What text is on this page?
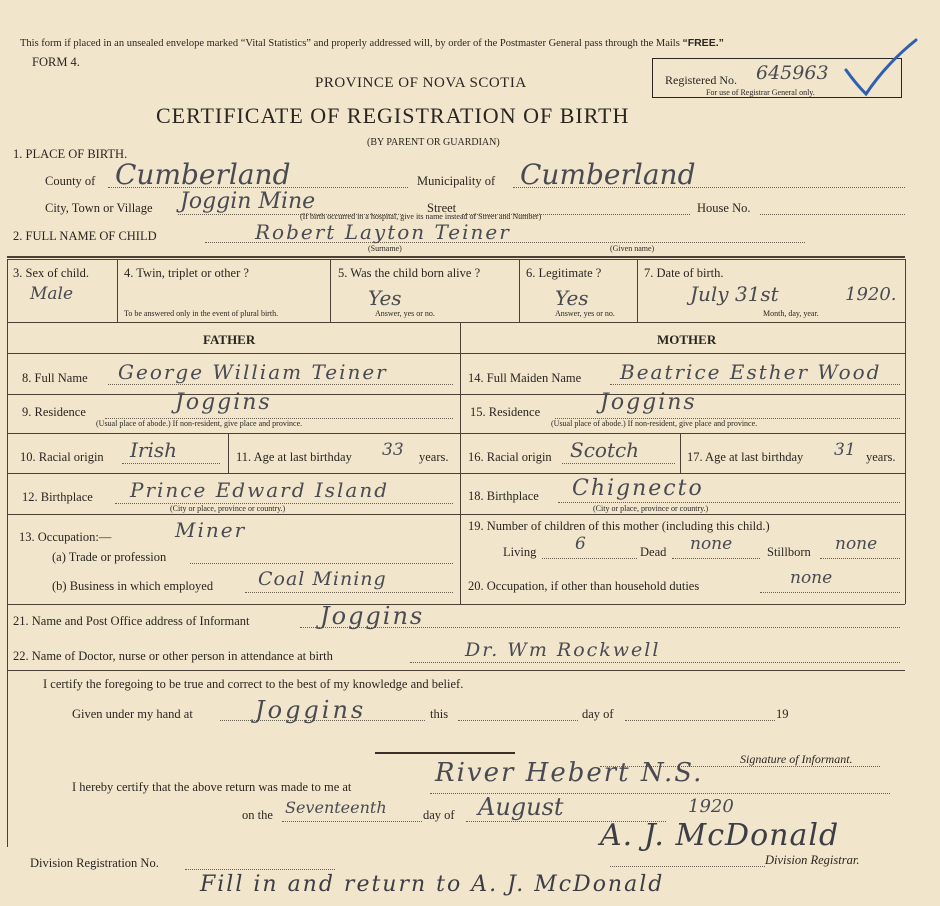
This form if placed in an unsealed envelope marked “Vital Statistics” and properly addressed will, by order of the Postmaster General pass through the Mails “FREE.”
FORM 4.
Registered No. 645963
For use of Registrar General only.
PROVINCE OF NOVA SCOTIA
CERTIFICATE OF REGISTRATION OF BIRTH
(BY PARENT OR GUARDIAN)
1. PLACE OF BIRTH.
County of Cumberland	Municipality of Cumberland
City, Town or Village Joggin Mine
(If birth occurred in a hospital, give its name instead of Street and Number)
Street	House No.
2. FULL NAME OF CHILD	Robert Layton Teiner
(Surname)	(Given name)
3. Sex of child.
Male
4. Twin, triplet or other ?
To be answered only in the event of plural birth.
5. Was the child born alive ?
Yes
Answer, yes or no.
6. Legitimate ?
Yes
Answer, yes or no.
7. Date of birth.
July 31st	1920.
Month, day, year.
FATHER	MOTHER
8. Full Name George William Teiner
9. Residence	Joggins
(Usual place of abode.) If non-resident, give place and province.
10. Racial origin Irish	11. Age at last birthday 33 years.
12. Birthplace Prince Edward Island
(City or place, province or country.)
13. Occupation:—	Miner
(a) Trade or profession
(b) Business in which employed Coal Mining
14. Full Maiden Name Beatrice Esther Wood
15. Residence	Joggins
(Usual place of abode.) If non-resident, give place and province.
16. Racial origin Scotch	17. Age at last birthday 31 years.
18. Birthplace Chignecto
(City or place, province or country.)
19. Number of children of this mother (including this child.)
Living 6	Dead none	Stillborn none
20. Occupation, if other than household duties	none
21. Name and Post Office address of Informant	Joggins
22. Name of Doctor, nurse or other person in attendance at birth	Dr. Wm Rockwell
I certify the foregoing to be true and correct to the best of my knowledge and belief.
Given under my hand at	Joggins	this	day of	19
Signature of Informant.
I hereby certify that the above return was made to me at	River Hebert N.S.
on the Seventeenth	day of August	1920
A. J. McDonald
Division Registration No.	Division Registrar.
Fill in and return to A. J. McDonald
